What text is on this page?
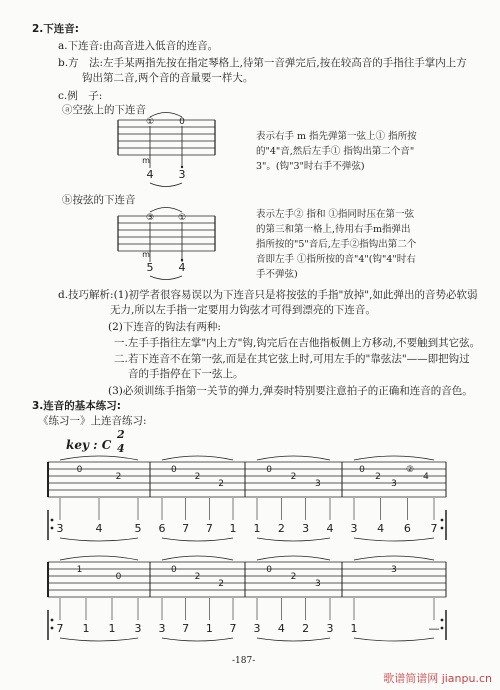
2.下连音:
a.下连音:由高音进入低音的连音。
b.方　法:左手某两指先按在指定琴格上,待第一音弹完后,按在较高音的手指往手掌内上方
钩出第二音,两个音的音量要一样大。
c.例　子:
ⓐ空弦上的下连音
表示右手 m 指先弹第一弦上① 指所按
的"4"音,然后左手① 指钩出第二个音"
3"。(钩"3"时右手不弹弦)
ⓑ按弦的下连音
表示左手② 指和 ①指同时压在第一弦
的第三和第一格上,待用右手m指弹出
指所按的"5"音后,左手②指钩出第二个
音即左手 ①指所按的音"4"(钩"4"时右
手不弹弦)
d.技巧解析:(1)初学者很容易误以为下连音只是将按弦的手指"放掉",如此弹出的音势必软弱
无力,所以左手指一定要用力钩弦才可得到漂亮的下连音。
(2)下连音的钩法有两种:
一.左手手指往左掌"内上方"钩,钩完后在吉他指板侧上方移动,不要触到其它弦。
二.若下连音不在第一弦,而是在其它弦上时,可用左手的"靠弦法"——即把钩过
音的手指停在下一弦上。
(3)必须训练手指第一关节的弹力,弹奏时特别要注意拍子的正确和连音的音色。
3.连音的基本练习:
《练习一》上连音练习:
key : C
2
4
①	0
m
4 3
③	①
m
5 4
3	4	5
0
2
6 7 7 1
0
2
2
1 2 3 4
0
2
3
3 4 6 7
0
2
3
②
4
7 1 1 3
1
0
3 7 1 7
0
2
2
3 4 2 3
0
2
3
1	—
3
-187-
歌谱简谱网 jianpu.cn
